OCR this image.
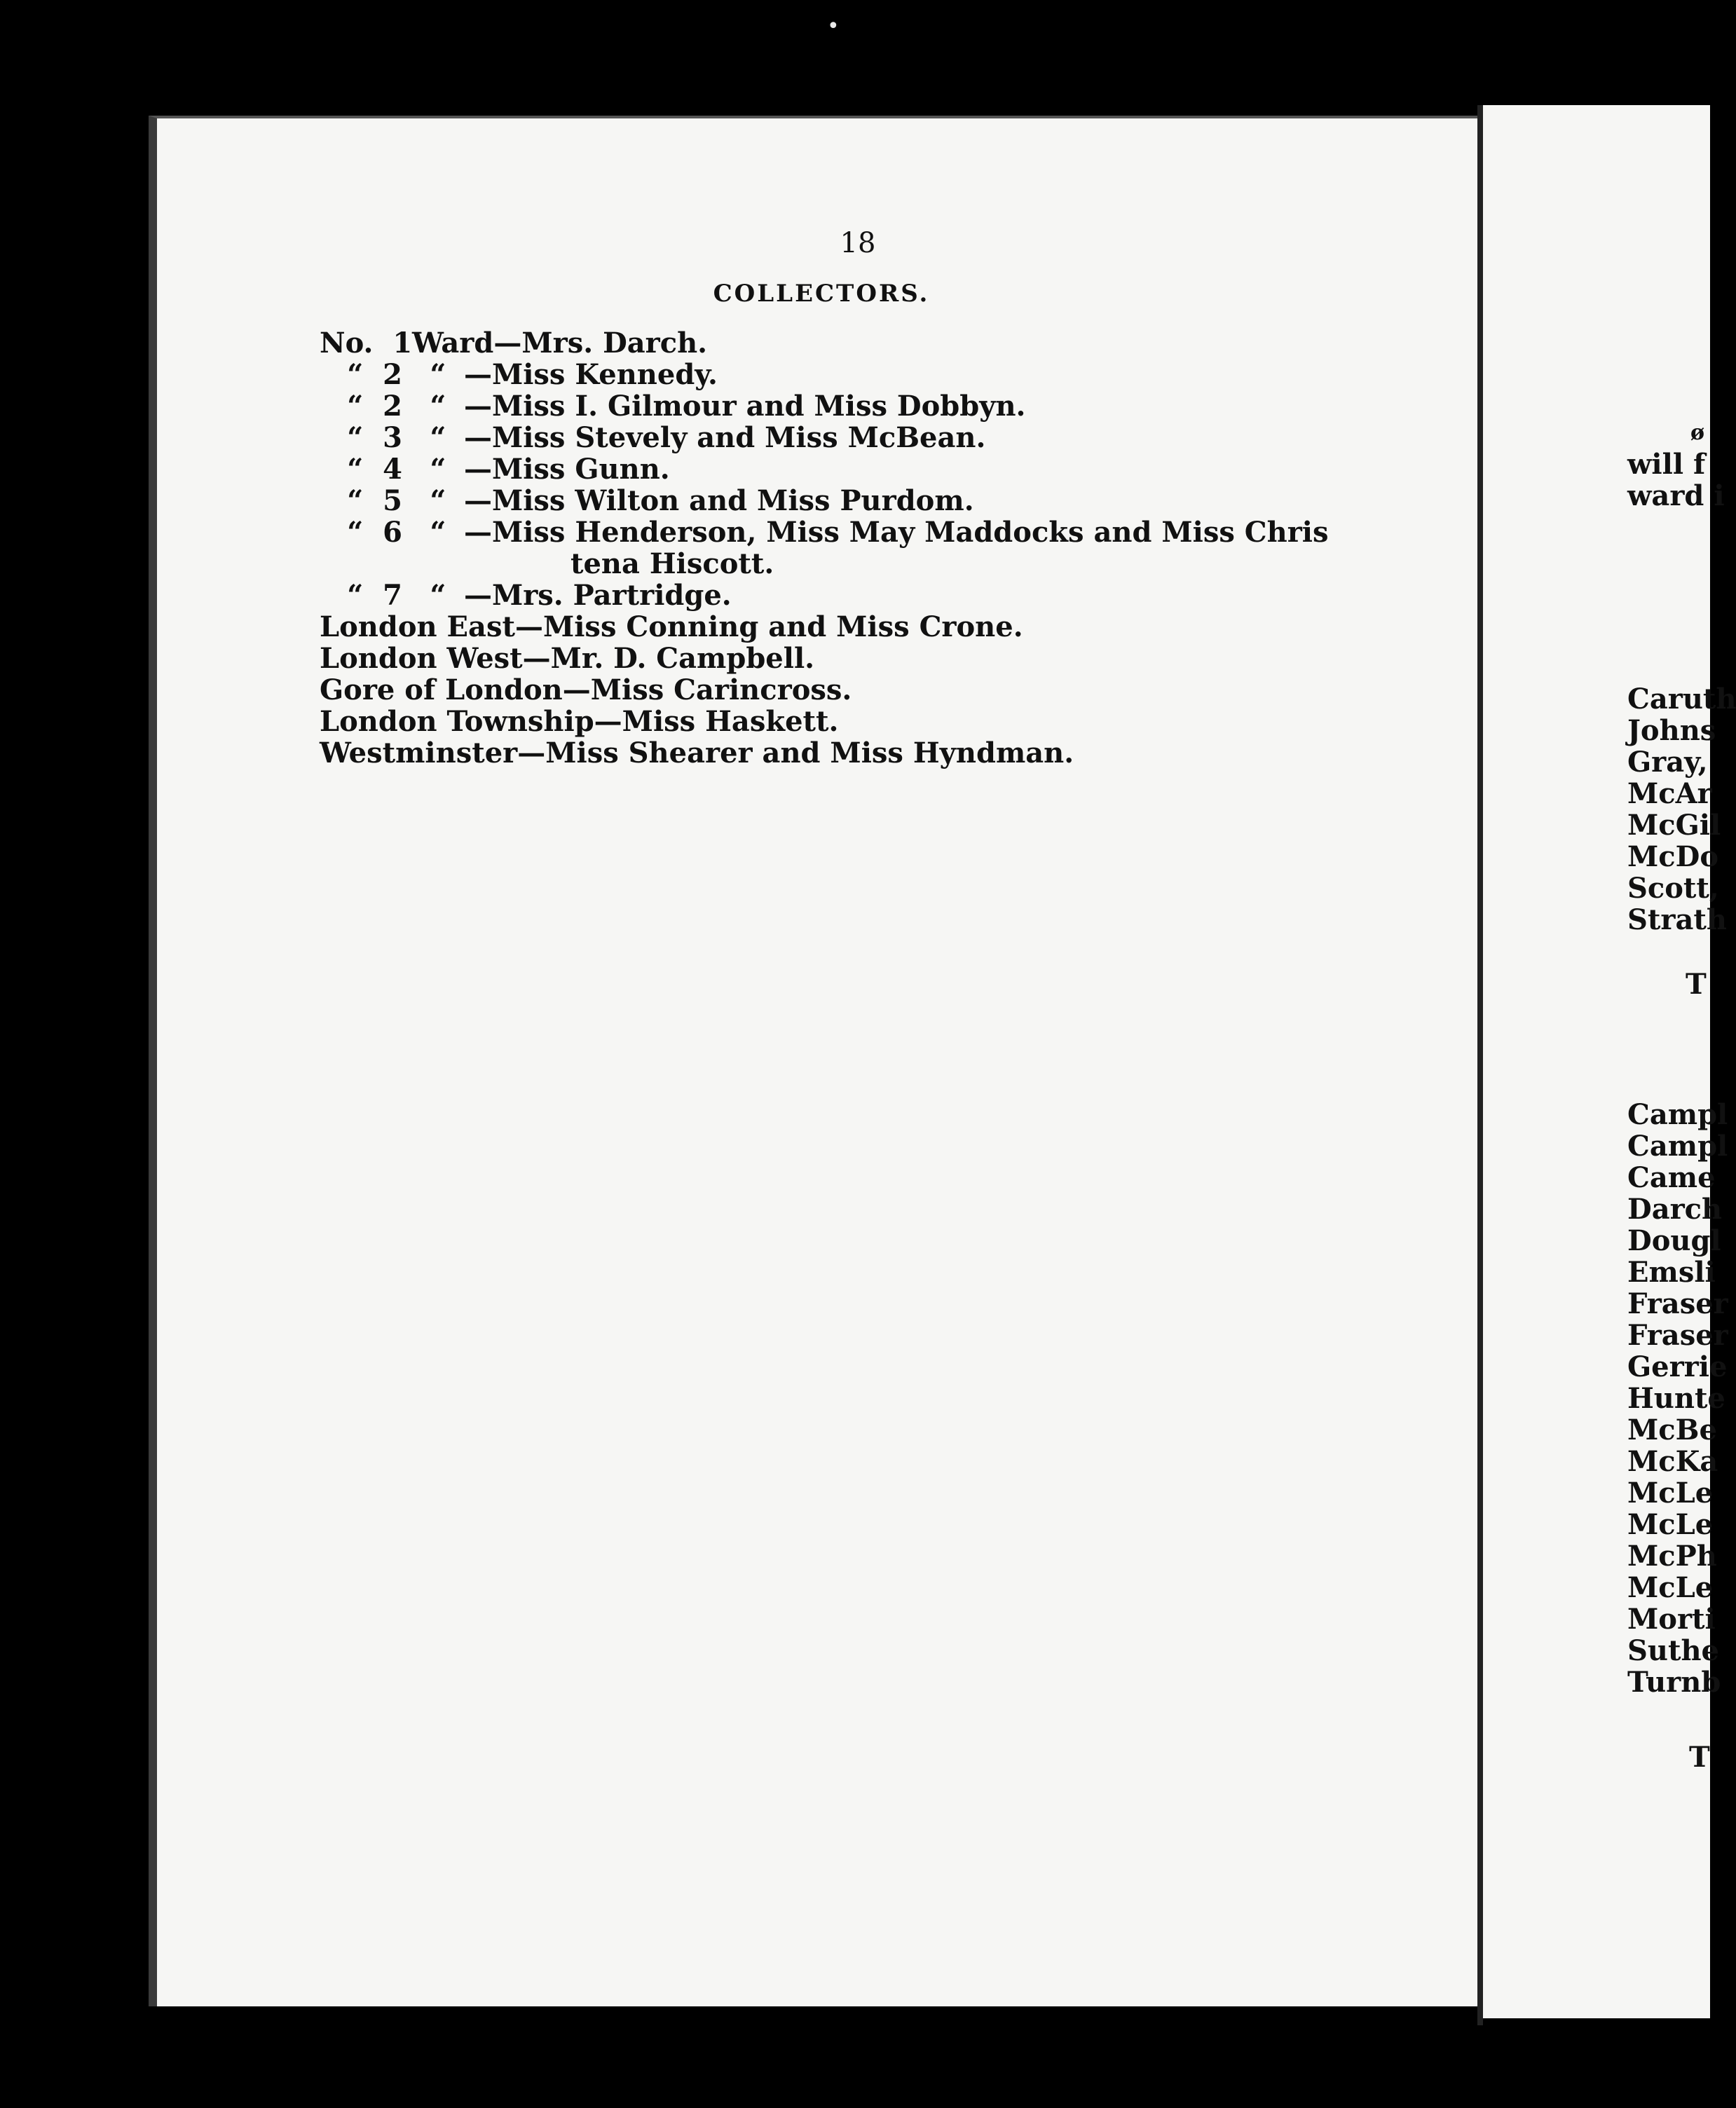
•
18
COLLECTORS.
No. 1 Ward—Mrs. Darch.
“ 2 “ —Miss Kennedy.
“ 2 “ —Miss I. Gilmour and Miss Dobbyn.
“ 3 “ —Miss Stevely and Miss McBean.
“ 4 “ —Miss Gunn.
“ 5 “ —Miss Wilton and Miss Purdom.
“ 6 “ —Miss Henderson, Miss May Maddocks and Miss Chris
tena Hiscott.
“ 7 “ —Mrs. Partridge.
London East—Miss Conning and Miss Crone.
London West—Mr. D. Campbell.
Gore of London—Miss Carincross.
London Township—Miss Haskett.
Westminster—Miss Shearer and Miss Hyndman.
ø
will f
ward i
Caruth
Johns
Gray,
McAr
McGil
McDo
Scott,
Strath
T
Campl
Campl
Came
Darch
Dougl
Emsli
Fraser
Fraser
Gerrie
Hunte
McBe
McKa
McLe
McLe
McPh
McLe
Morti
Suthe
Turnb
T
